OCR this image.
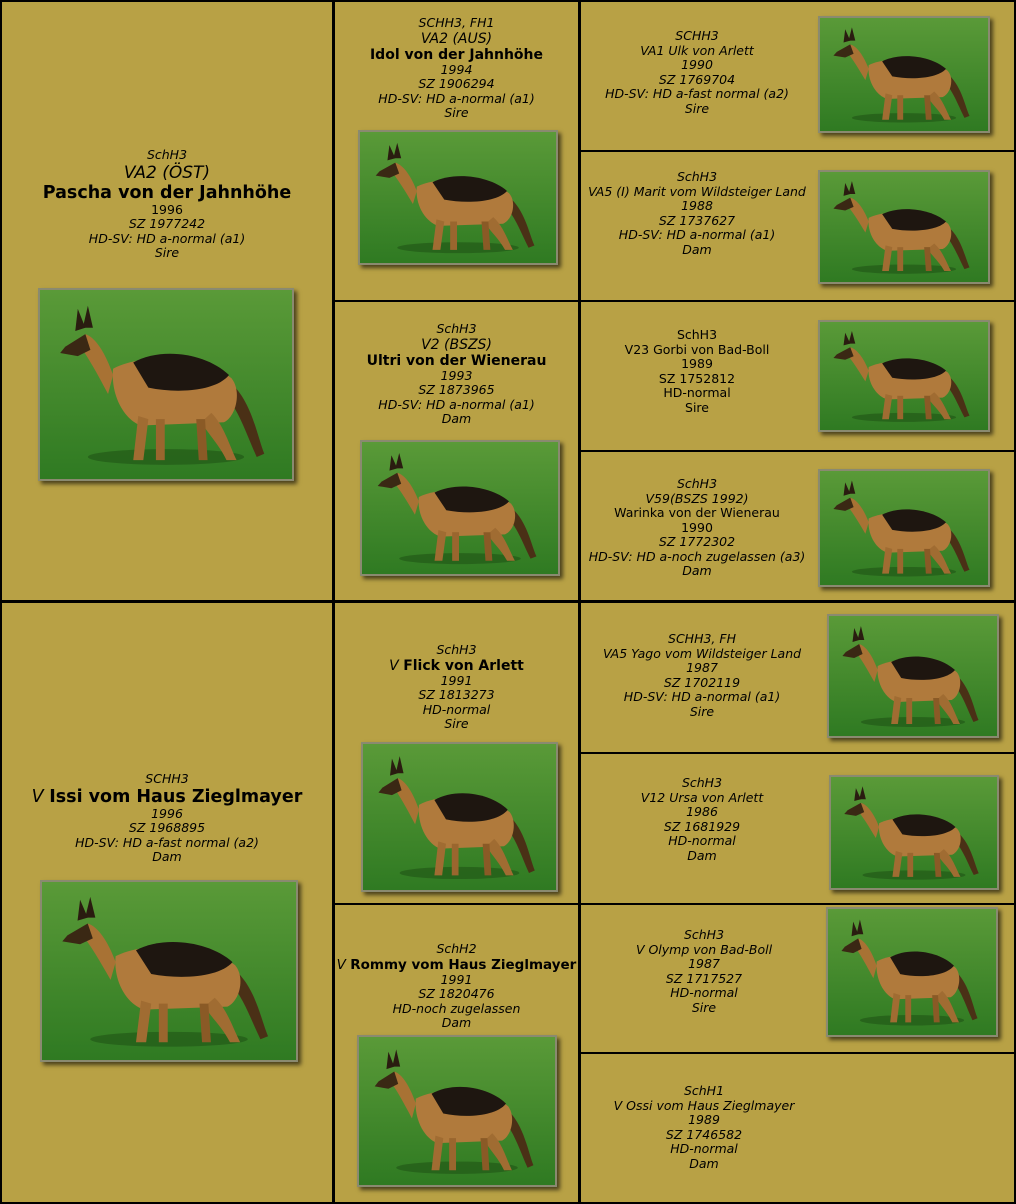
SchH3
VA2 (ÖST)
Pascha von der Jahnhöhe
1996
SZ 1977242
HD-SV: HD a-normal (a1)
Sire
SCHH3
V Issi vom Haus Zieglmayer
1996
SZ 1968895
HD-SV: HD a-fast normal (a2)
Dam
SCHH3, FH1
VA2 (AUS)
Idol von der Jahnhöhe
1994
SZ 1906294
HD-SV: HD a-normal (a1)
Sire
SchH3
V2 (BSZS)
Ultri von der Wienerau
1993
SZ 1873965
HD-SV: HD a-normal (a1)
Dam
SchH3
V Flick von Arlett
1991
SZ 1813273
HD-normal
Sire
SchH2
V Rommy vom Haus Zieglmayer
1991
SZ 1820476
HD-noch zugelassen
Dam
SCHH3
VA1 Ulk von Arlett
1990
SZ 1769704
HD-SV: HD a-fast normal (a2)
Sire
SchH3
VA5 (I) Marit vom Wildsteiger Land
1988
SZ 1737627
HD-SV: HD a-normal (a1)
Dam
SchH3
V23 Gorbi von Bad-Boll
1989
SZ 1752812
HD-normal
Sire
SchH3
V59(BSZS 1992)
Warinka von der Wienerau
1990
SZ 1772302
HD-SV: HD a-noch zugelassen (a3)
Dam
SCHH3, FH
VA5 Yago vom Wildsteiger Land
1987
SZ 1702119
HD-SV: HD a-normal (a1)
Sire
SchH3
V12 Ursa von Arlett
1986
SZ 1681929
HD-normal
Dam
SchH3
V Olymp von Bad-Boll
1987
SZ 1717527
HD-normal
Sire
SchH1
V Ossi vom Haus Zieglmayer
1989
SZ 1746582
HD-normal
Dam
